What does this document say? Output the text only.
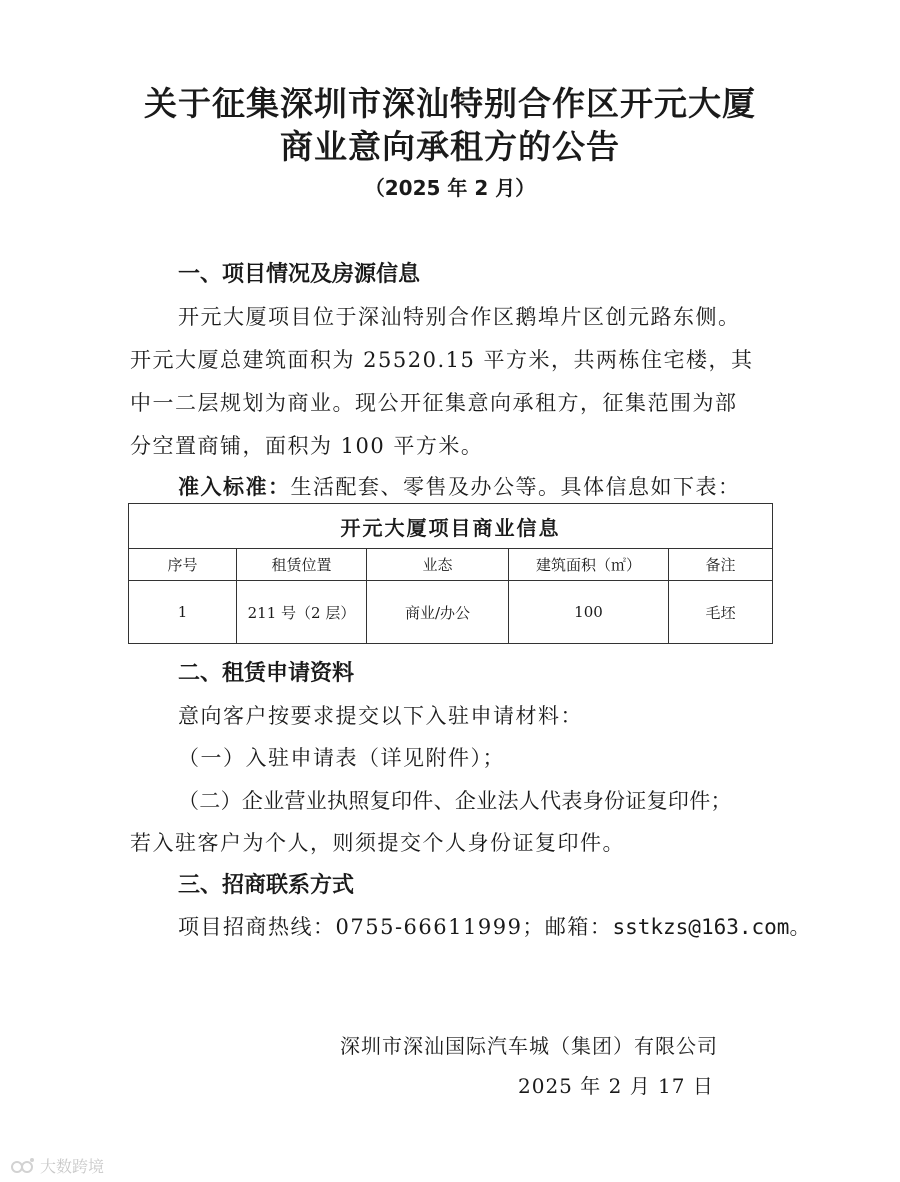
关于征集深圳市深汕特别合作区开元大厦
商业意向承租方的公告
（2025 年 2 月）
一、项目情况及房源信息
开元大厦项目位于深汕特别合作区鹅埠片区创元路东侧。
开元大厦总建筑面积为 25520.15 平方米，共两栋住宅楼，其
中一二层规划为商业。现公开征集意向承租方，征集范围为部
分空置商铺，面积为 100 平方米。
准入标准：生活配套、零售及办公等。具体信息如下表：
开元大厦项目商业信息				
序号	租赁位置	业态	建筑面积（㎡）	备注
1	211 号（2 层）	商业/办公	100	毛坯
二、租赁申请资料
意向客户按要求提交以下入驻申请材料：
（一）入驻申请表（详见附件）；
（二）企业营业执照复印件、企业法人代表身份证复印件；
若入驻客户为个人，则须提交个人身份证复印件。
三、招商联系方式
项目招商热线：0755-66611999；邮箱：sstkzs@163.com。
深圳市深汕国际汽车城（集团）有限公司
2025 年 2 月 17 日
大数跨境
